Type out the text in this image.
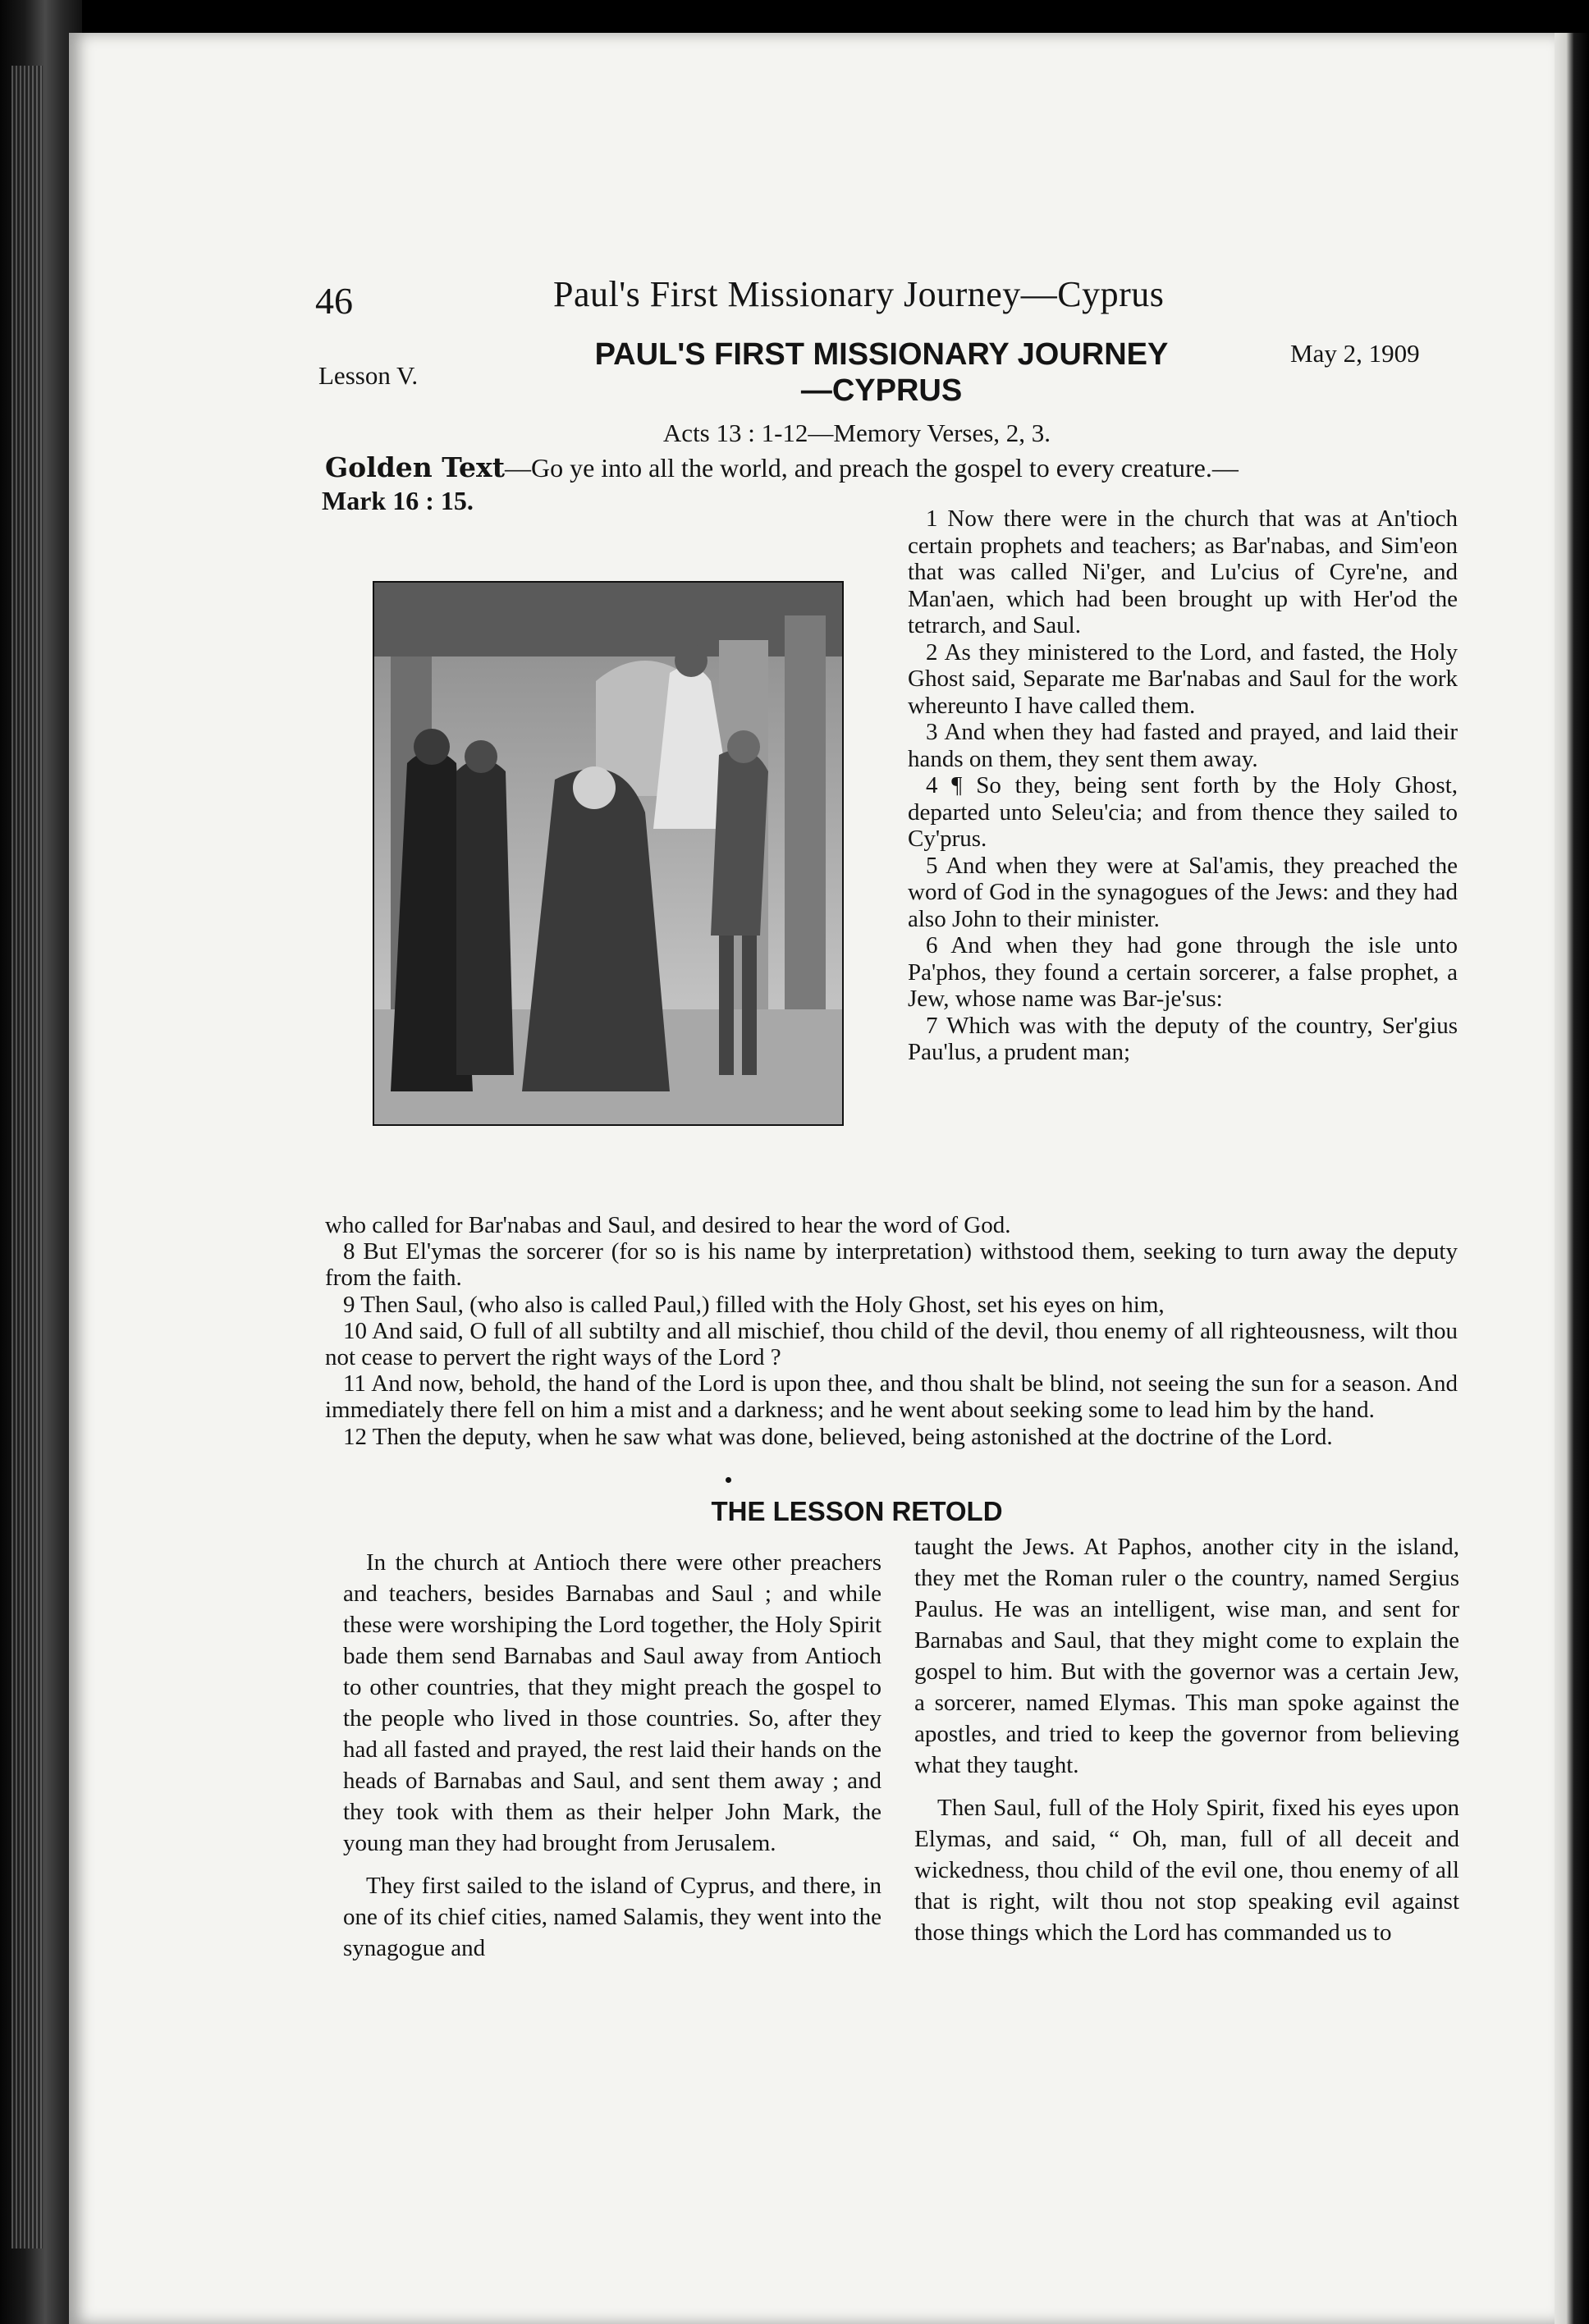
46	Paul's First Missionary Journey—Cyprus
Lesson V.
PAUL'S FIRST MISSIONARY JOURNEY
—CYPRUS
May 2, 1909
Acts 13 : 1-12—Memory Verses, 2, 3.
Golden Text—Go ye into all the world, and preach the gospel to every creature.—
Mark 16 : 15.

1 Now there were in the church that was at An'tioch certain prophets and teachers; as Bar'nabas, and Sim'eon that was called Ni'ger, and Lu'cius of Cyre'ne, and Man'aen, which had been brought up with Her'od the tetrarch, and Saul.

2 As they ministered to the Lord, and fasted, the Holy Ghost said, Separate me Bar'nabas and Saul for the work whereunto I have called them.

3 And when they had fasted and prayed, and laid their hands on them, they sent them away.

4 ¶ So they, being sent forth by the Holy Ghost, departed unto Seleu'cia; and from thence they sailed to Cy'prus.

5 And when they were at Sal'amis, they preached the word of God in the synagogues of the Jews: and they had also John to their minister.

6 And when they had gone through the isle unto Pa'phos, they found a certain sorcerer, a false prophet, a Jew, whose name was Bar-je'sus:

7 Which was with the deputy of the country, Ser'gius Pau'lus, a prudent man;

who called for Bar'nabas and Saul, and desired to hear the word of God.

8 But El'ymas the sorcerer (for so is his name by interpretation) withstood them, seeking to turn away the deputy from the faith.

9 Then Saul, (who also is called Paul,) filled with the Holy Ghost, set his eyes on him,

10 And said, O full of all subtilty and all mischief, thou child of the devil, thou enemy of all righteousness, wilt thou not cease to pervert the right ways of the Lord ?

11 And now, behold, the hand of the Lord is upon thee, and thou shalt be blind, not seeing the sun for a season. And immediately there fell on him a mist and a darkness; and he went about seeking some to lead him by the hand.

12 Then the deputy, when he saw what was done, believed, being astonished at the doctrine of the Lord.

THE LESSON RETOLD

In the church at Antioch there were other preachers and teachers, besides Barnabas and Saul ; and while these were worshiping the Lord together, the Holy Spirit bade them send Barnabas and Saul away from Antioch to other countries, that they might preach the gospel to the people who lived in those countries. So, after they had all fasted and prayed, the rest laid their hands on the heads of Barnabas and Saul, and sent them away ; and they took with them as their helper John Mark, the young man they had brought from Jerusalem.

They first sailed to the island of Cyprus, and there, in one of its chief cities, named Salamis, they went into the synagogue and

taught the Jews. At Paphos, another city in the island, they met the Roman ruler o the country, named Sergius Paulus. He was an intelligent, wise man, and sent for Barnabas and Saul, that they might come to explain the gospel to him. But with the governor was a certain Jew, a sorcerer, named Elymas. This man spoke against the apostles, and tried to keep the governor from believing what they taught.

Then Saul, full of the Holy Spirit, fixed his eyes upon Elymas, and said, “ Oh, man, full of all deceit and wickedness, thou child of the evil one, thou enemy of all that is right, wilt thou not stop speaking evil against those things which the Lord has commanded us to
